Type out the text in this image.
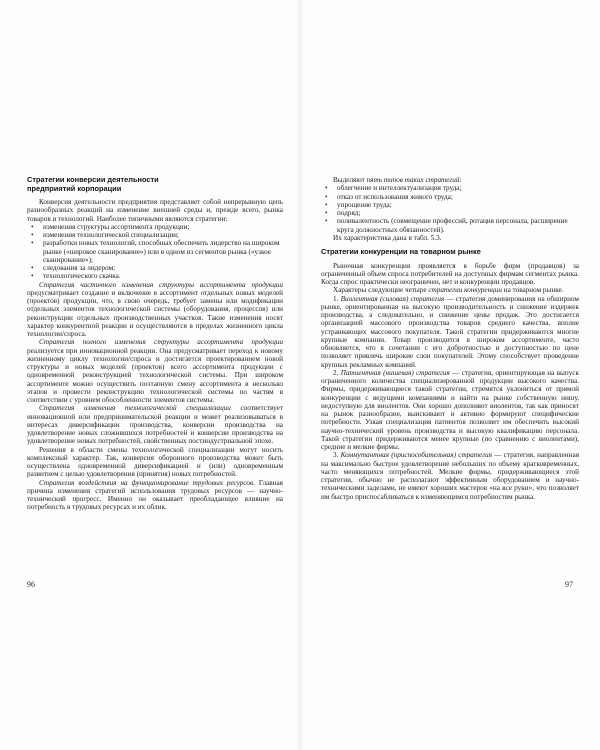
Стратегии конверсии деятельности
предприятий корпорации

Конверсия деятельности предприятия представляет собой непрерывную цепь разнообразных реакций на изменение внешней среды и, прежде всего, рынка товаров и технологий. Наиболее типичными являются стратегии:

• изменения структуры ассортимента продукции;
• изменения технологической специализации;
• разработки новых технологий, способных обеспечить лидерство на широком рынке («широкое сканирование») или в одном из сегментов рынка («узкое сканирование»);
• следования за лидером;
• технологического скачка.

Стратегия частичного изменения структуры ассортимента продукции предусматривает создание и включение в ассортимент отдельных новых моделей (проектов) продукции, что, в свою очередь, требует замены или модификации отдельных элементов технологической системы (оборудования, процессов) или реконструкции отдельных производственных участков. Такие изменения носят характер конкурентной реакции и осуществляются в пределах жизненного цикла технологии/спроса.

Стратегия полного изменения структуры ассортимента продукции реализуется при инновационной реакции. Она предусматривает переход к новому жизненному циклу технологии/спроса и достигается проектированием новой структуры и новых моделей (проектов) всего ассортимента продукции с одновременной реконструкцией технологической системы. При широком ассортименте можно осуществить поэтапную смену ассортимента в несколько этапов и провести реконструкцию технологической системы по частям в соответствии с уровнем обособленности элементов системы.

Стратегия изменения технологической специализации соответствует инновационной или предпринимательской реакции и может реализовываться в интересах диверсификации производства, конверсии производства на удовлетворение новых сложившихся потребностей и конверсии производства на удовлетворение новых потребностей, свойственных постиндустриальной эпохе.

Решения в области смены технологической специализации могут носить комплексный характер. Так, конверсия оборонного производства может быть осуществлена одновременной диверсификацией и (или) одновременным развитием с целью удовлетворения (принятия) новых потребностей.

Стратегия воздействия на функционирование трудовых ресурсов. Главная причина изменения стратегий использования трудовых ресурсов — научно-технический прогресс. Именно он оказывает преобладающее влияние на потребность в трудовых ресурсах и их облик.

96

Выделяют пять типов таких стратегий:

• облегчение и интеллектуализация труда;
• отказ от использования живого труда;
• упрощение труда;
• подряд;
• поливалентность (совмещение профессий, ротация персонала, расширение круга должностных обязанностей).

Их характеристика дана в табл. 5.3.

Стратегии конкуренции на товарном рынке

Рыночная конкуренция проявляется в борьбе фирм (продавцов) за ограниченный объем спроса потребителей на доступных фирмам сегментах рынка. Когда спрос практически неограничен, нет и конкуренции продавцов.

Характеры следующие четыре стратегии конкуренции на товарном рынке.

1. Виолентная (силовая) стратегия — стратегия доминирования на обширном рынке, ориентированная на высокую производительность и снижение издержек производства, а следовательно, и снижение цены продаж. Это достигается организацией массового производства товаров среднего качества, вполне устраивающих массового покупателя. Такой стратегии придерживаются многие крупные компании. Товар производится в широком ассортименте, часто обновляется, что в сочетании с его добротностью и доступностью по цене позволяет привлечь широкие слои покупателей. Этому способствует проведение крупных рекламных компаний.

2. Патиентная (нишевая) стратегия — стратегия, ориентирующая на выпуск ограниченного количества специализированной продукции высокого качества. Фирмы, придерживающиеся такой стратегии, стремятся уклониться от прямой конкуренции с ведущими компаниями и найти на рынке собственную нишу, недоступную для виолентов. Они хорошо дополняют виолентов, так как приносят на рынок разнообразие, выискивают и активно формируют специфические потребности. Узкая специализация патиентов позволяет им обеспечить высокий научно-технический уровень производства и высокую квалификацию персонала. Такой стратегии придерживаются менее крупные (по сравнению с виолентами), средние и мелкие фирмы.

3. Коммутантная (приспособительная) стратегия — стратегия, направленная на максимально быстрое удовлетворение небольших по объему кратковременных, часто меняющихся потребностей. Мелкие фирмы, придерживающиеся этой стратегии, обычно не располагают эффективным оборудованием и научно-техническими заделами, не имеют хороших мастеров «на все руки», что позволяет им быстро приспосабливаться к изменяющимся потребностям рынка.

97
